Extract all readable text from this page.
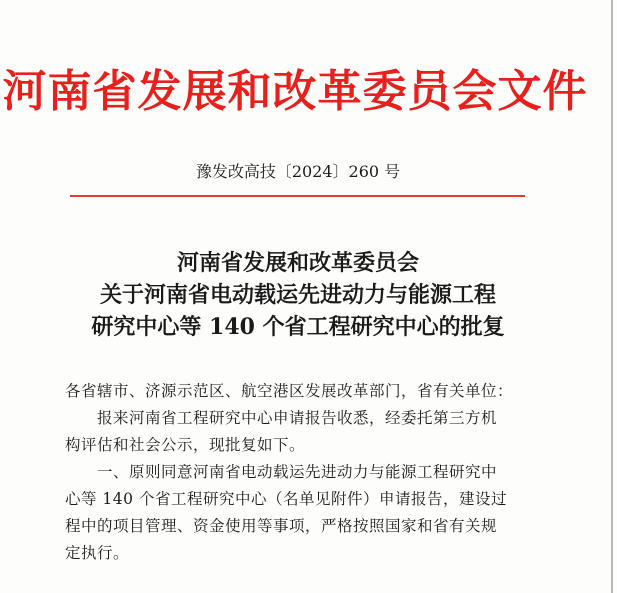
河南省发展和改革委员会文件
豫发改高技〔2024〕260 号
河南省发展和改革委员会
关于河南省电动载运先进动力与能源工程
研究中心等 140 个省工程研究中心的批复
各省辖市、济源示范区、航空港区发展改革部门，省有关单位：
报来河南省工程研究中心申请报告收悉，经委托第三方机
构评估和社会公示，现批复如下。
一、原则同意河南省电动载运先进动力与能源工程研究中
心等 140 个省工程研究中心（名单见附件）申请报告，建设过
程中的项目管理、资金使用等事项，严格按照国家和省有关规
定执行。
